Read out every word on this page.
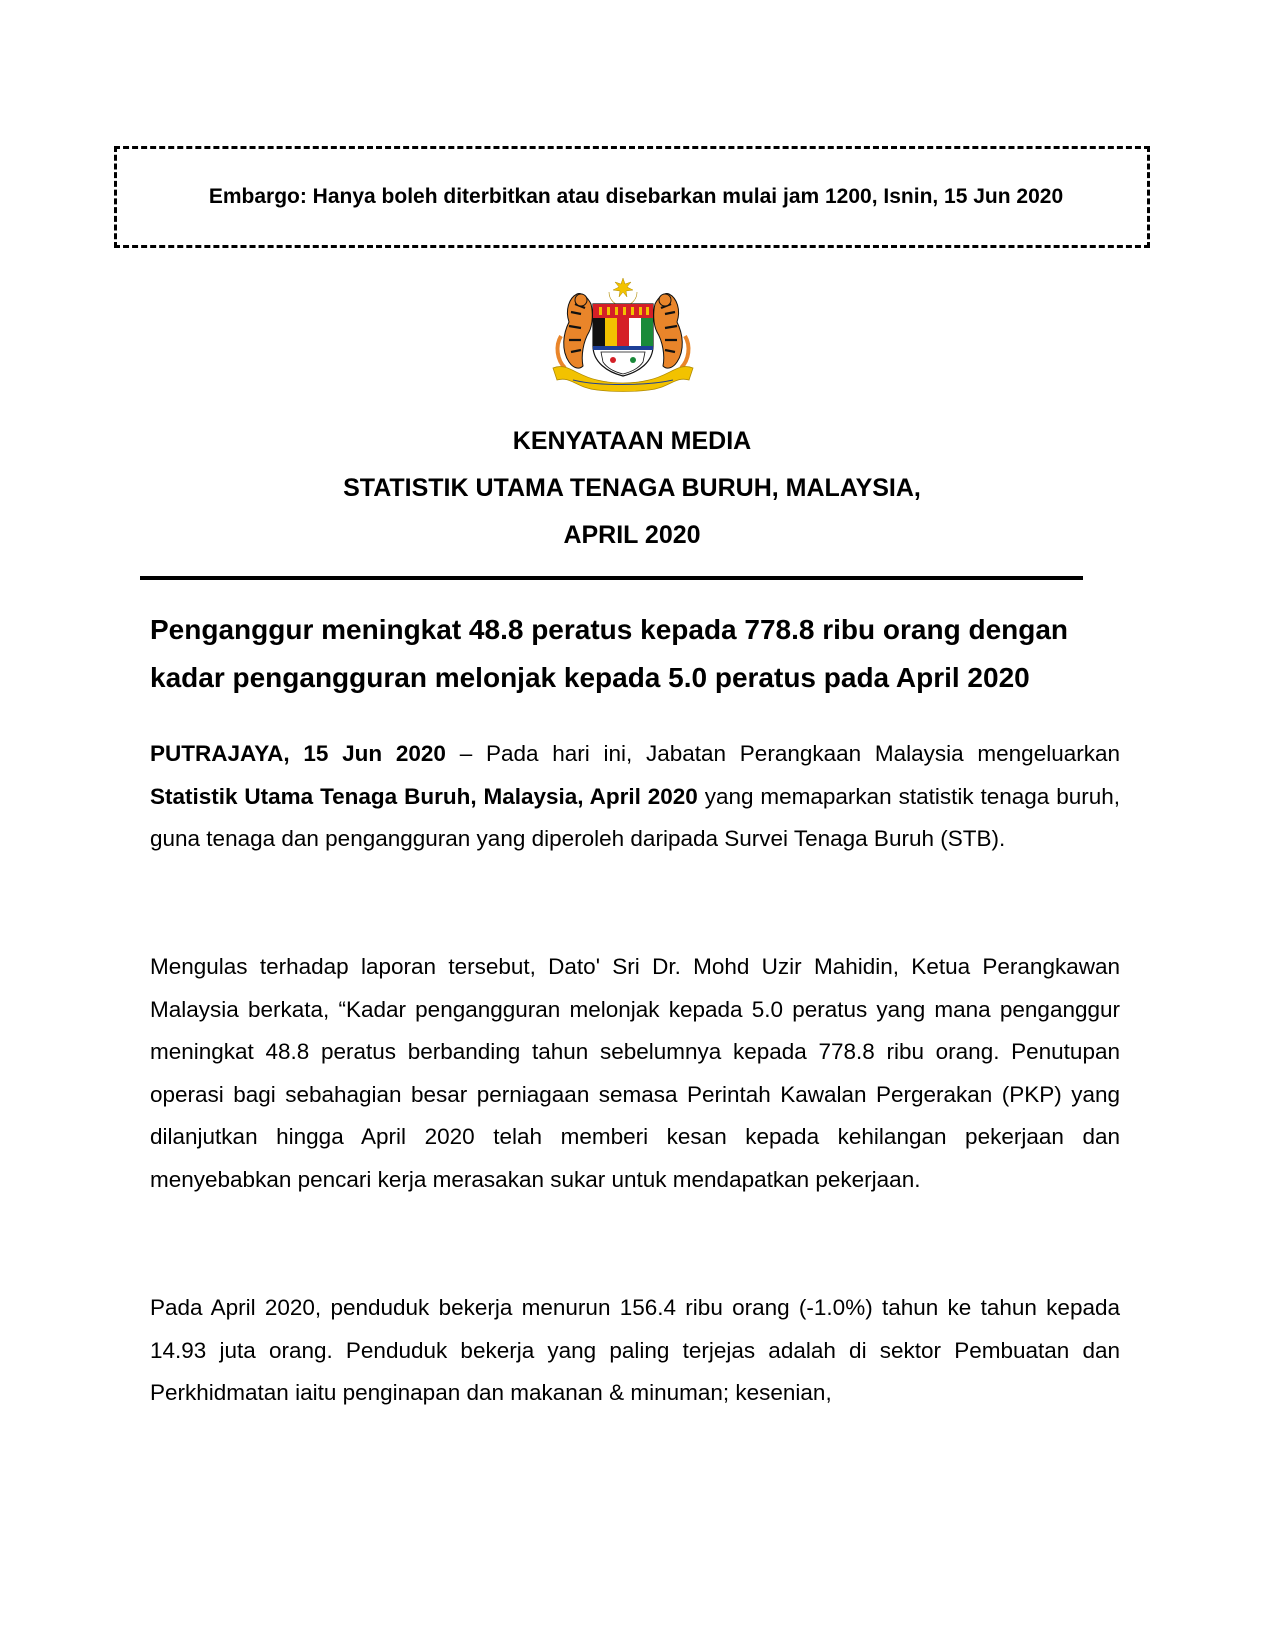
Embargo: Hanya boleh diterbitkan atau disebarkan mulai jam 1200, Isnin, 15 Jun 2020
KENYATAAN MEDIA
STATISTIK UTAMA TENAGA BURUH, MALAYSIA,
APRIL 2020
Penganggur meningkat 48.8 peratus kepada 778.8 ribu orang dengan
kadar pengangguran melonjak kepada 5.0 peratus pada April 2020
PUTRAJAYA, 15 Jun 2020 – Pada hari ini, Jabatan Perangkaan Malaysia mengeluarkan Statistik Utama Tenaga Buruh, Malaysia, April 2020 yang memaparkan statistik tenaga buruh, guna tenaga dan pengangguran yang diperoleh daripada Survei Tenaga Buruh (STB).
Mengulas terhadap laporan tersebut, Dato' Sri Dr. Mohd Uzir Mahidin, Ketua Perangkawan Malaysia berkata, “Kadar pengangguran melonjak kepada 5.0 peratus yang mana penganggur meningkat 48.8 peratus berbanding tahun sebelumnya kepada 778.8 ribu orang. Penutupan operasi bagi sebahagian besar perniagaan semasa Perintah Kawalan Pergerakan (PKP) yang dilanjutkan hingga April 2020 telah memberi kesan kepada kehilangan pekerjaan dan menyebabkan pencari kerja merasakan sukar untuk mendapatkan pekerjaan.
Pada April 2020, penduduk bekerja menurun 156.4 ribu orang (-1.0%) tahun ke tahun kepada 14.93 juta orang. Penduduk bekerja yang paling terjejas adalah di sektor Pembuatan dan Perkhidmatan iaitu penginapan dan makanan & minuman; kesenian,
